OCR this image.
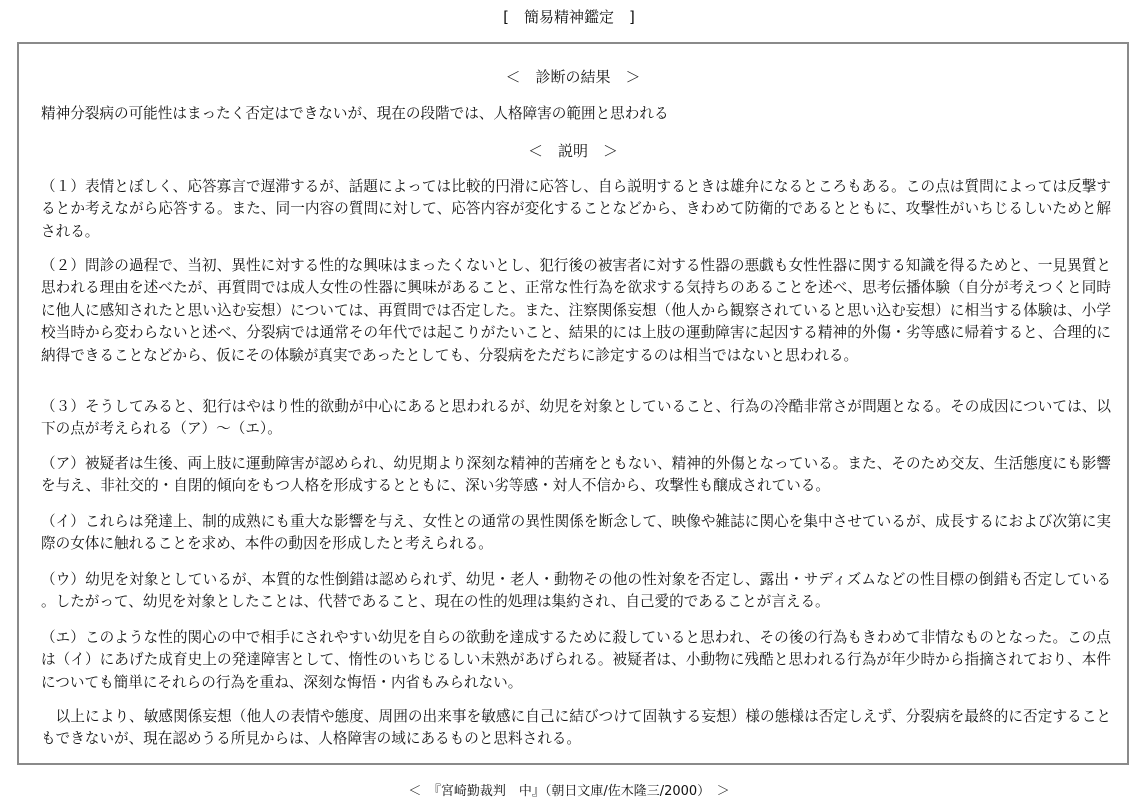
[　簡易精神鑑定　]
＜　診断の結果　＞

精神分裂病の可能性はまったく否定はできないが、現在の段階では、人格障害の範囲と思われる

＜　説明　＞

（１）表情とぼしく、応答寡言で遅滞するが、話題によっては比較的円滑に応答し、自ら説明するときは雄弁になるところもある。この点は質問によっては反撃するとか考えながら応答する。また、同一内容の質問に対して、応答内容が変化することなどから、きわめて防衛的であるとともに、攻撃性がいちじるしいためと解される。

（２）問診の過程で、当初、異性に対する性的な興味はまったくないとし、犯行後の被害者に対する性器の悪戯も女性性器に関する知識を得るためと、一見異質と思われる理由を述べたが、再質問では成人女性の性器に興味があること、正常な性行為を欲求する気持ちのあることを述べ、思考伝播体験（自分が考えつくと同時に他人に感知されたと思い込む妄想）については、再質問では否定した。また、注察関係妄想（他人から観察されていると思い込む妄想）に相当する体験は、小学校当時から変わらないと述べ、分裂病では通常その年代では起こりがたいこと、結果的には上肢の運動障害に起因する精神的外傷・劣等感に帰着すると、合理的に納得できることなどから、仮にその体験が真実であったとしても、分裂病をただちに診定するのは相当ではないと思われる。

（３）そうしてみると、犯行はやはり性的欲動が中心にあると思われるが、幼児を対象としていること、行為の冷酷非常さが問題となる。その成因については、以下の点が考えられる（ア）〜（エ）。

（ア）被疑者は生後、両上肢に運動障害が認められ、幼児期より深刻な精神的苦痛をともない、精神的外傷となっている。また、そのため交友、生活態度にも影響を与え、非社交的・自閉的傾向をもつ人格を形成するとともに、深い劣等感・対人不信から、攻撃性も醸成されている。

（イ）これらは発達上、制的成熟にも重大な影響を与え、女性との通常の異性関係を断念して、映像や雑誌に関心を集中させているが、成長するにおよび次第に実際の女体に触れることを求め、本件の動因を形成したと考えられる。

（ウ）幼児を対象としているが、本質的な性倒錯は認められず、幼児・老人・動物その他の性対象を否定し、露出・サディズムなどの性目標の倒錯も否定している。したがって、幼児を対象としたことは、代替であること、現在の性的処理は集約され、自己愛的であることが言える。

（エ）このような性的関心の中で相手にされやすい幼児を自らの欲動を達成するために殺していると思われ、その後の行為もきわめて非情なものとなった。この点は（イ）にあげた成育史上の発達障害として、惰性のいちじるしい未熟があげられる。被疑者は、小動物に残酷と思われる行為が年少時から指摘されており、本件についても簡単にそれらの行為を重ね、深刻な悔悟・内省もみられない。

　以上により、敏感関係妄想（他人の表情や態度、周囲の出来事を敏感に自己に結びつけて固執する妄想）様の態様は否定しえず、分裂病を最終的に否定することもできないが、現在認めうる所見からは、人格障害の域にあるものと思料される。

＜　『宮崎勤裁判　中』（朝日文庫/佐木隆三/2000）　＞
